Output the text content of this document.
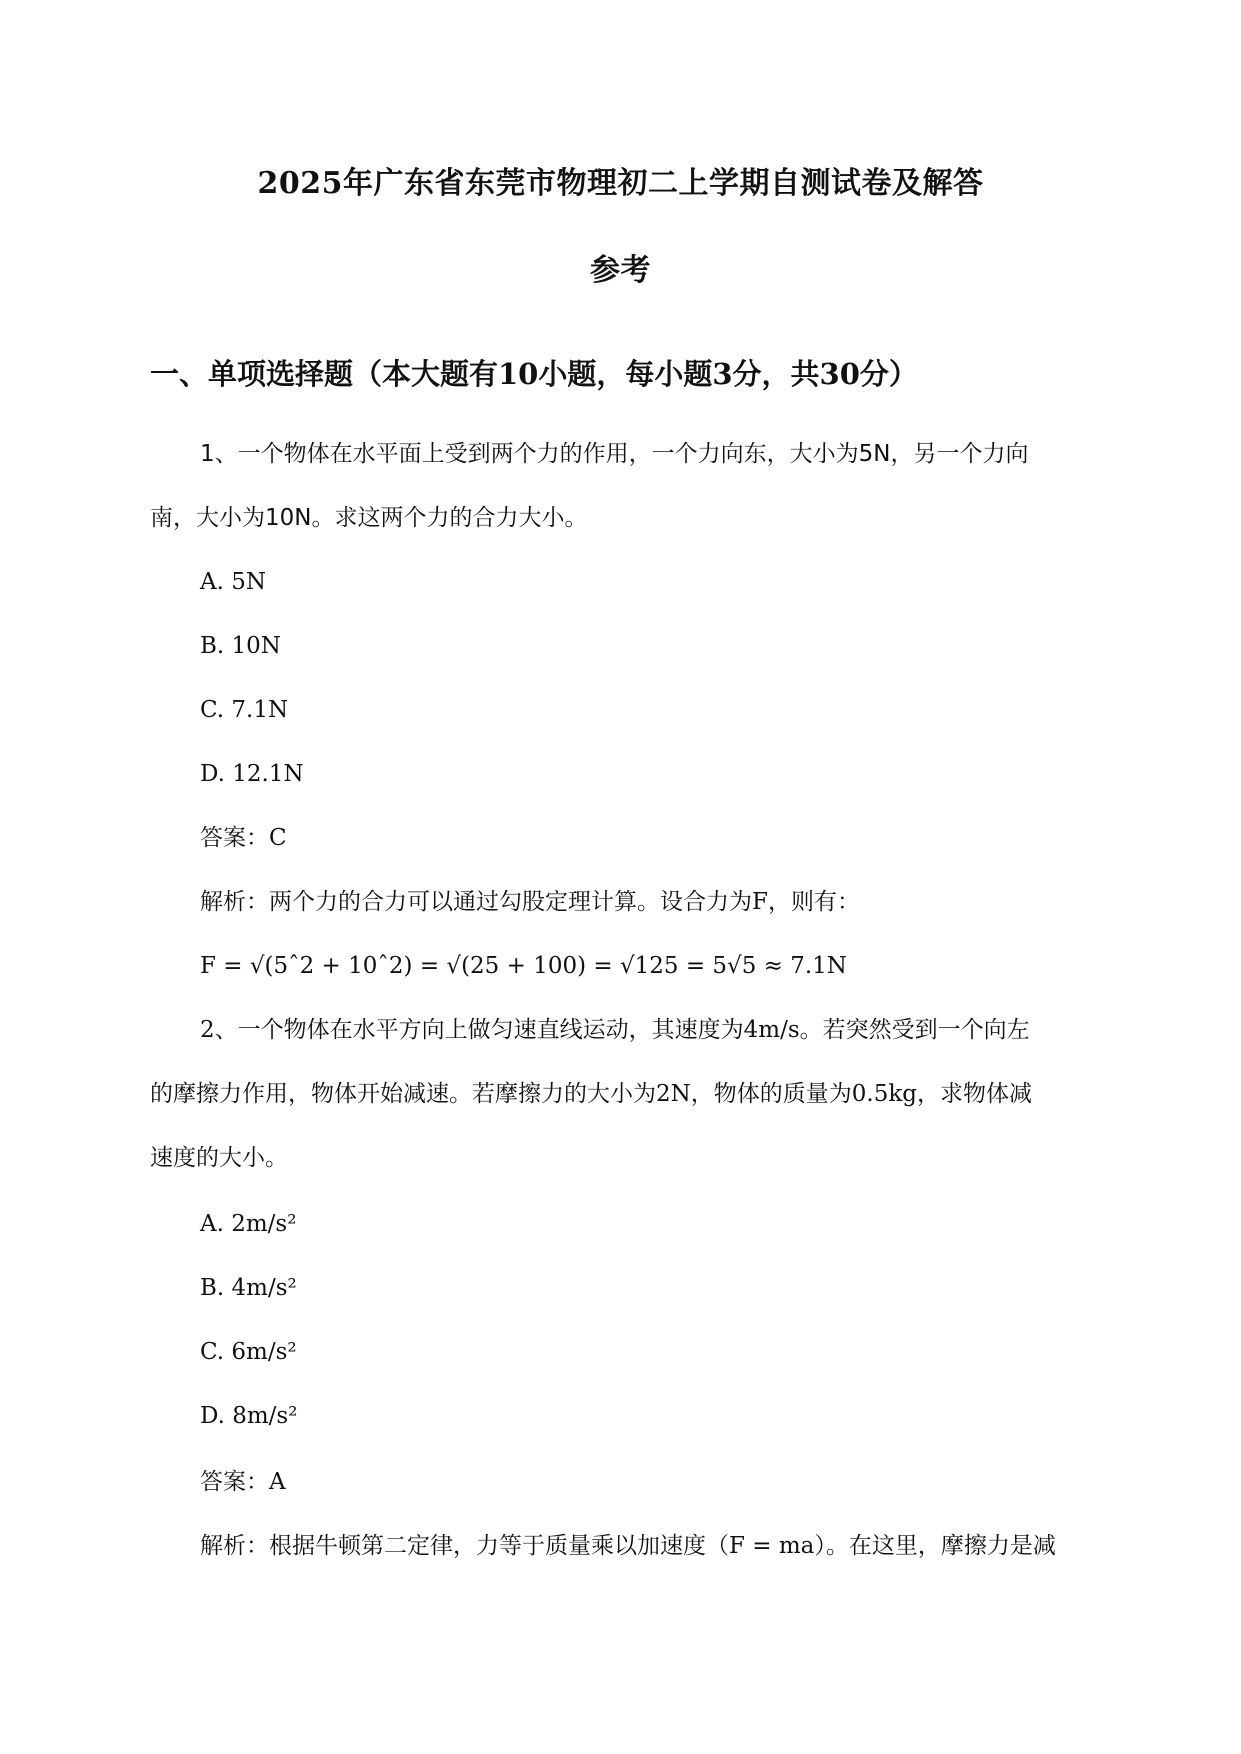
2025年广东省东莞市物理初二上学期自测试卷及解答
参考
一、单项选择题（本大题有10小题，每小题3分，共30分）
1、一个物体在水平面上受到两个力的作用，一个力向东，大小为5N，另一个力向
南，大小为10N。求这两个力的合力大小。
A. 5N
B. 10N
C. 7.1N
D. 12.1N
答案：C
解析：两个力的合力可以通过勾股定理计算。设合力为F，则有：
F = √(5ˆ2 + 10ˆ2) = √(25 + 100) = √125 = 5√5 ≈ 7.1N
2、一个物体在水平方向上做匀速直线运动，其速度为4m/s。若突然受到一个向左
的摩擦力作用，物体开始减速。若摩擦力的大小为2N，物体的质量为0.5kg，求物体减
速度的大小。
A. 2m/s²
B. 4m/s²
C. 6m/s²
D. 8m/s²
答案：A
解析：根据牛顿第二定律，力等于质量乘以加速度（F = ma）。在这里，摩擦力是减
